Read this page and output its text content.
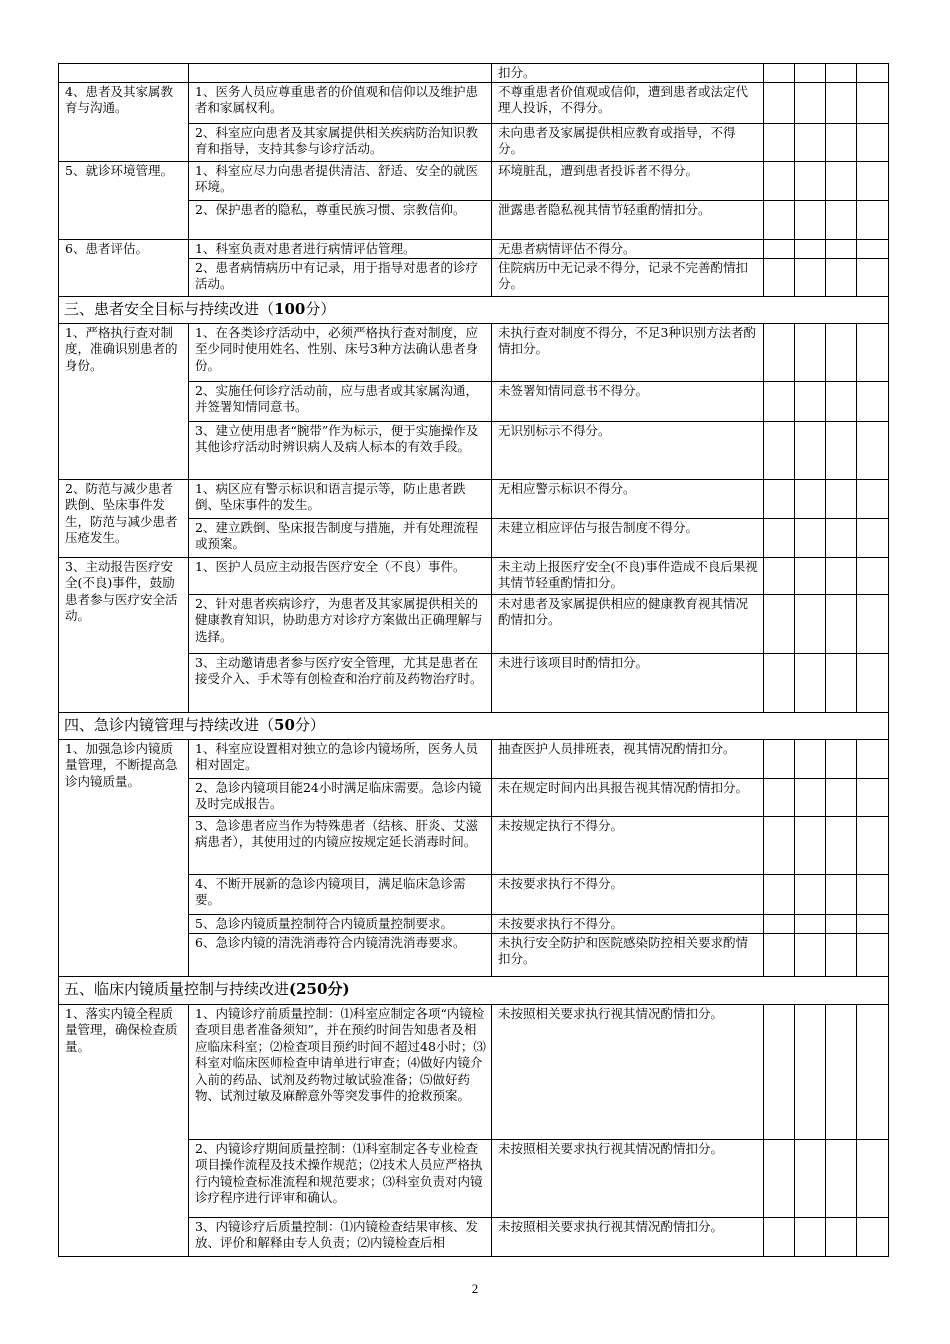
		扣分。				
4、患者及其家属教育与沟通。	1、医务人员应尊重患者的价值观和信仰以及维护患者和家属权利。	不尊重患者价值观或信仰，遭到患者或法定代理人投诉，不得分。				
	2、科室应向患者及其家属提供相关疾病防治知识教育和指导，支持其参与诊疗活动。	未向患者及家属提供相应教育或指导，不得分。				
5、就诊环境管理。	1、科室应尽力向患者提供清洁、舒适、安全的就医环境。	环境脏乱，遭到患者投诉者不得分。				
	2、保护患者的隐私，尊重民族习惯、宗教信仰。	泄露患者隐私视其情节轻重酌情扣分。				
6、患者评估。	1、科室负责对患者进行病情评估管理。	无患者病情评估不得分。				
	2、患者病情病历中有记录，用于指导对患者的诊疗活动。	住院病历中无记录不得分，记录不完善酌情扣分。				
三、患者安全目标与持续改进（100分）						
1、严格执行查对制度，准确识别患者的身份。	1、在各类诊疗活动中，必须严格执行查对制度，应至少同时使用姓名、性别、床号3种方法确认患者身份。	未执行查对制度不得分，不足3种识别方法者酌情扣分。				
	2、实施任何诊疗活动前，应与患者或其家属沟通，并签署知情同意书。	未签署知情同意书不得分。				
	3、建立使用患者“腕带”作为标示，便于实施操作及其他诊疗活动时辨识病人及病人标本的有效手段。	无识别标示不得分。				
2、防范与减少患者跌倒、坠床事件发生，防范与减少患者压疮发生。	1、病区应有警示标识和语言提示等，防止患者跌倒、坠床事件的发生。	无相应警示标识不得分。				
	2、建立跌倒、坠床报告制度与措施，并有处理流程或预案。	未建立相应评估与报告制度不得分。				
3、主动报告医疗安全(不良)事件，鼓励患者参与医疗安全活动。	1、医护人员应主动报告医疗安全（不良）事件。	未主动上报医疗安全(不良)事件造成不良后果视其情节轻重酌情扣分。				
	2、针对患者疾病诊疗，为患者及其家属提供相关的健康教育知识，协助患方对诊疗方案做出正确理解与选择。	未对患者及家属提供相应的健康教育视其情况酌情扣分。				
	3、主动邀请患者参与医疗安全管理，尤其是患者在接受介入、手术等有创检查和治疗前及药物治疗时。	未进行该项目时酌情扣分。				
四、急诊内镜管理与持续改进（50分）						
1、加强急诊内镜质量管理，不断提高急诊内镜质量。	1、科室应设置相对独立的急诊内镜场所，医务人员相对固定。	抽查医护人员排班表，视其情况酌情扣分。				
	2、急诊内镜项目能24小时满足临床需要。急诊内镜及时完成报告。	未在规定时间内出具报告视其情况酌情扣分。				
	3、急诊患者应当作为特殊患者（结核、肝炎、艾滋病患者），其使用过的内镜应按规定延长消毒时间。	未按规定执行不得分。				
	4、不断开展新的急诊内镜项目，满足临床急诊需要。	未按要求执行不得分。				
	5、急诊内镜质量控制符合内镜质量控制要求。	未按要求执行不得分。				
	6、急诊内镜的清洗消毒符合内镜清洗消毒要求。	未执行安全防护和医院感染防控相关要求酌情扣分。				
五、临床内镜质量控制与持续改进(250分)						
1、落实内镜全程质量管理，确保检查质量。	1、内镜诊疗前质量控制：⑴科室应制定各项“内镜检查项目患者准备须知”，并在预约时间告知患者及相应临床科室；⑵检查项目预约时间不超过48小时；⑶科室对临床医师检查申请单进行审查；⑷做好内镜介入前的药品、试剂及药物过敏试验准备；⑸做好药物、试剂过敏及麻醉意外等突发事件的抢救预案。	未按照相关要求执行视其情况酌情扣分。				
	2、内镜诊疗期间质量控制：⑴科室制定各专业检查项目操作流程及技术操作规范；⑵技术人员应严格执行内镜检查标准流程和规范要求；⑶科室负责对内镜诊疗程序进行评审和确认。	未按照相关要求执行视其情况酌情扣分。				
	3、内镜诊疗后质量控制：⑴内镜检查结果审核、发放、评价和解释由专人负责；⑵内镜检查后相	未按照相关要求执行视其情况酌情扣分。				
2
